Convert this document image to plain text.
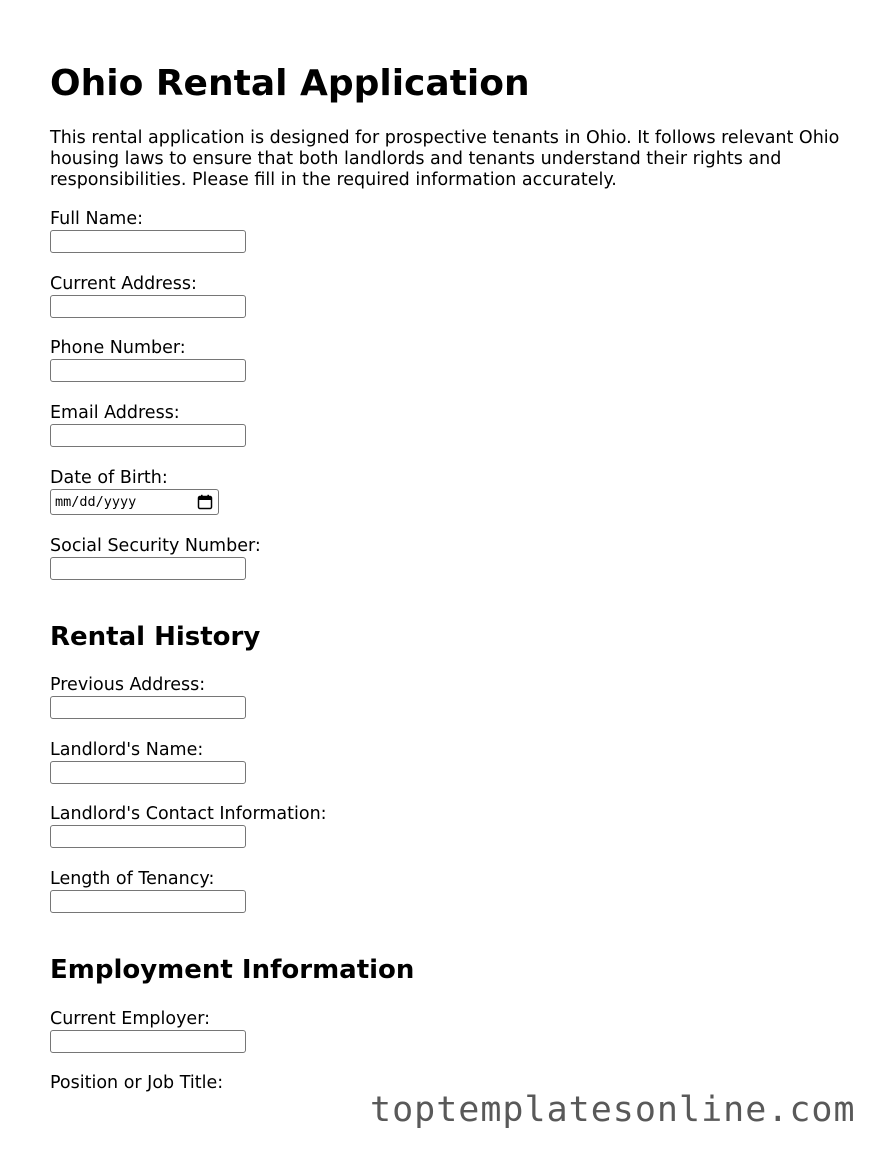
Ohio Rental Application

This rental application is designed for prospective tenants in Ohio. It follows relevant Ohio housing laws to ensure that both landlords and tenants understand their rights and responsibilities. Please fill in the required information accurately.

Full Name:
Current Address:
Phone Number:
Email Address:
Date of Birth:
mm/dd/yyyy
Social Security Number:
Rental History
Previous Address:
Landlord's Name:
Landlord's Contact Information:
Length of Tenancy:
Employment Information
Current Employer:
Position or Job Title:
toptemplatesonline.com
